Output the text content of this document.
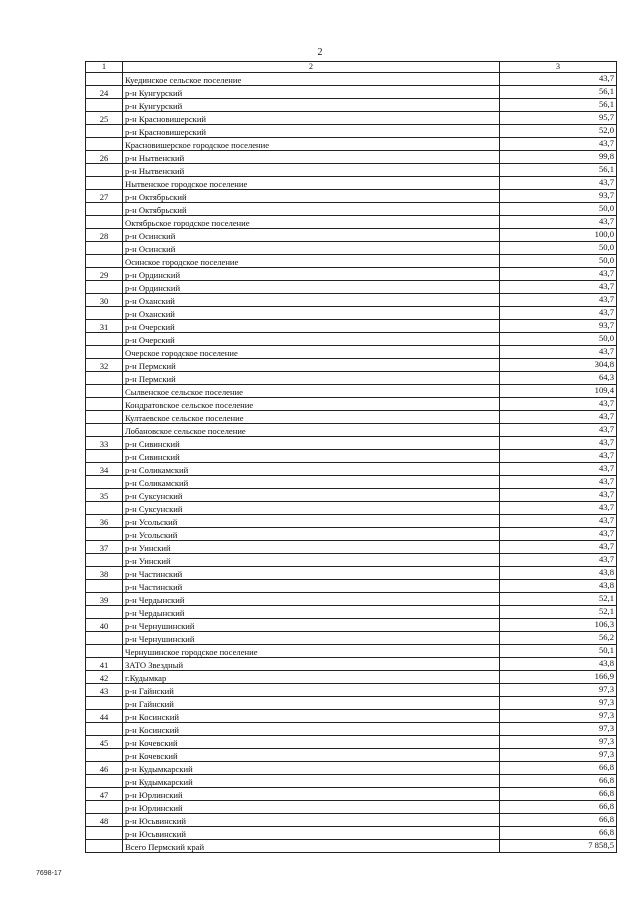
2
1	2	3
	Куединское сельское поселение	43,7
24	р-н Кунгурский	56,1
	р-н Кунгурский	56,1
25	р-н Красновишерский	95,7
	р-н Красновишерский	52,0
	Красновишерское городское поселение	43,7
26	р-н Нытвенский	99,8
	р-н Нытвенский	56,1
	Нытвенское городское поселение	43,7
27	р-н Октябрьский	93,7
	р-н Октябрьский	50,0
	Октябрьское городское поселение	43,7
28	р-н Осинский	100,0
	р-н Осинский	50,0
	Осинское городское поселение	50,0
29	р-н Ординский	43,7
	р-н Ординский	43,7
30	р-н Оханский	43,7
	р-н Оханский	43,7
31	р-н Очерский	93,7
	р-н Очерский	50,0
	Очерское городское поселение	43,7
32	р-н Пермский	304,8
	р-н Пермский	64,3
	Сылвенское сельское поселение	109,4
	Кондратовское сельское поселение	43,7
	Култаевское сельское поселение	43,7
	Лобановское сельское поселение	43,7
33	р-н Сивинский	43,7
	р-н Сивинский	43,7
34	р-н Соликамский	43,7
	р-н Соликамский	43,7
35	р-н Суксунский	43,7
	р-н Суксунский	43,7
36	р-н Усольский	43,7
	р-н Усольский	43,7
37	р-н Уинский	43,7
	р-н Уинский	43,7
38	р-н Частинский	43,8
	р-н Частинский	43,8
39	р-н Чердынский	52,1
	р-н Чердынский	52,1
40	р-н Чернушинский	106,3
	р-н Чернушинский	56,2
	Чернушинское городское поселение	50,1
41	ЗАТО Звездный	43,8
42	г.Кудымкар	166,9
43	р-н Гайнский	97,3
	р-н Гайнский	97,3
44	р-н Косинский	97,3
	р-н Косинский	97,3
45	р-н Кочевский	97,3
	р-н Кочевский	97,3
46	р-н Кудымкарский	66,8
	р-н Кудымкарский	66,8
47	р-н Юрлинский	66,8
	р-н Юрлинский	66,8
48	р-н Юсьвинский	66,8
	р-н Юсьвинский	66,8
	Всего Пермский край	7 858,5
7698-17
